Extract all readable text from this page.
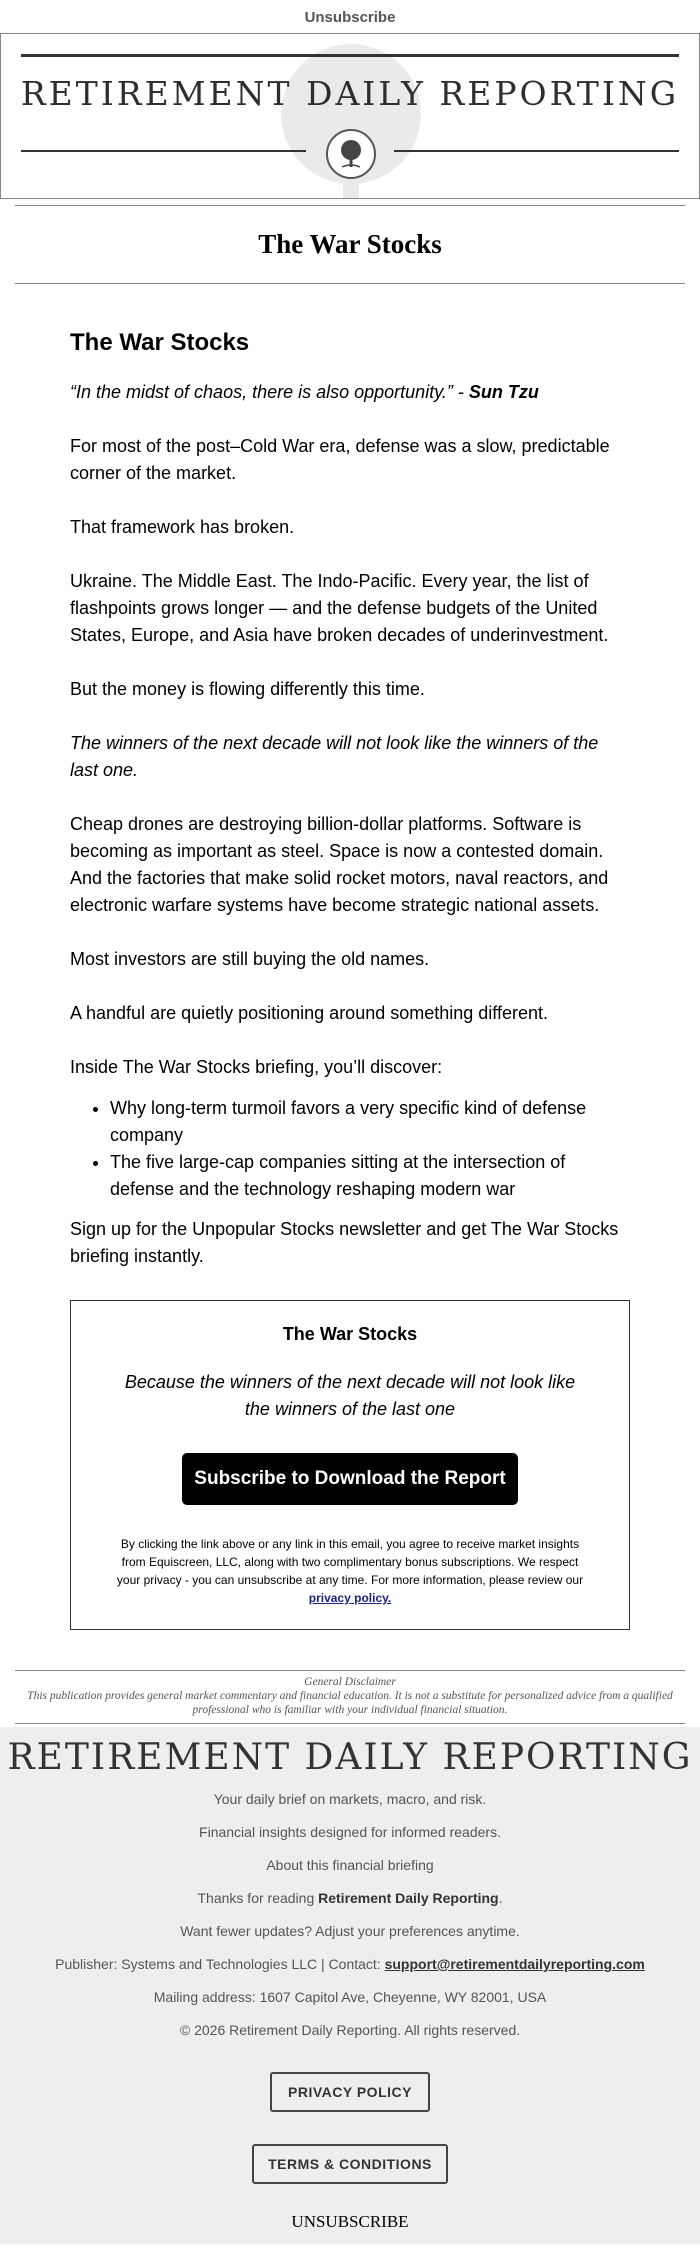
Unsubscribe
RETIREMENT DAILY REPORTING
The War Stocks
The War Stocks

“In the midst of chaos, there is also opportunity.” - Sun Tzu

For most of the post–Cold War era, defense was a slow, predictable corner of the market.

That framework has broken.

Ukraine. The Middle East. The Indo-Pacific. Every year, the list of flashpoints grows longer — and the defense budgets of the United States, Europe, and Asia have broken decades of underinvestment.

But the money is flowing differently this time.

The winners of the next decade will not look like the winners of the last one.

Cheap drones are destroying billion-dollar platforms. Software is becoming as important as steel. Space is now a contested domain. And the factories that make solid rocket motors, naval reactors, and electronic warfare systems have become strategic national assets.

Most investors are still buying the old names.

A handful are quietly positioning around something different.

Inside The War Stocks briefing, you’ll discover:

• Why long-term turmoil favors a very specific kind of defense company
• The five large-cap companies sitting at the intersection of defense and the technology reshaping modern war

Sign up for the Unpopular Stocks newsletter and get The War Stocks briefing instantly.

The War Stocks
Because the winners of the next decade will not look like the winners of the last one
Subscribe to Download the Report
By clicking the link above or any link in this email, you agree to receive market insights from Equiscreen, LLC, along with two complimentary bonus subscriptions. We respect your privacy - you can unsubscribe at any time. For more information, please review our privacy policy.
General Disclaimer
This publication provides general market commentary and financial education. It is not a substitute for personalized advice from a qualified professional who is familiar with your individual financial situation.
RETIREMENT DAILY REPORTING

Your daily brief on markets, macro, and risk.

Financial insights designed for informed readers.

About this financial briefing

Thanks for reading Retirement Daily Reporting.

Want fewer updates? Adjust your preferences anytime.

Publisher: Systems and Technologies LLC | Contact: support@retirementdailyreporting.com

Mailing address: 1607 Capitol Ave, Cheyenne, WY 82001, USA

© 2026 Retirement Daily Reporting. All rights reserved.

PRIVACY POLICY
TERMS & CONDITIONS
UNSUBSCRIBE
